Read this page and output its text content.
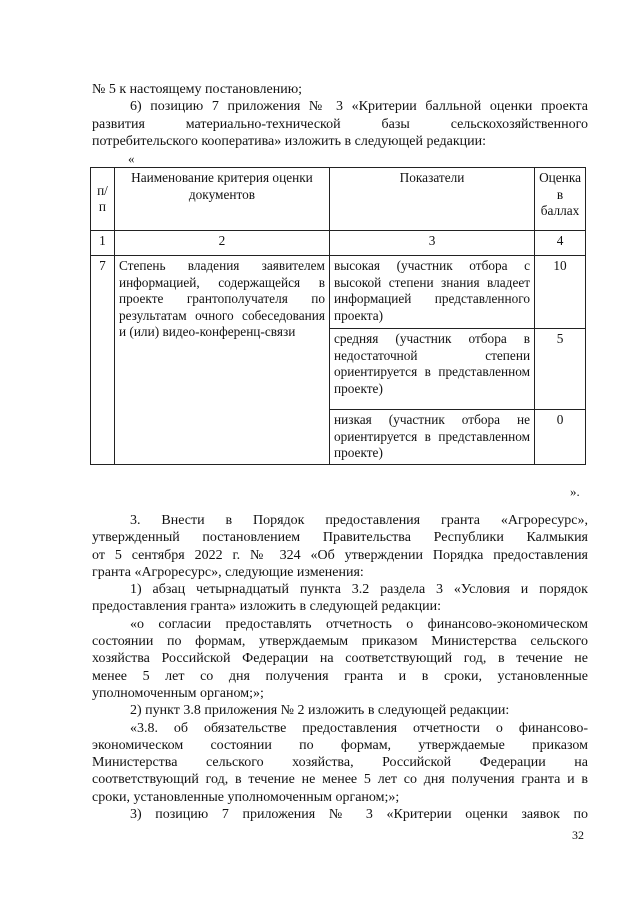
№ 5 к настоящему постановлению;
6) позицию 7 приложения № 3 «Критерии балльной оценки проекта
развития материально-технической базы сельскохозяйственного
потребительского кооператива» изложить в следующей редакции:
«
п/п	Наименование критерия оценки документов	Показатели	Оценка
в
баллах

1	2	3	4
7	Степень владения заявителем информацией, содержащейся в проекте грантополучателя по результатам очного собеседования и (или) видео-конференц-связи	высокая (участник отбора с высокой степени знания владеет информацией представленного проекта)	10
		средняя (участник отбора в недостаточной степени ориентируется в представленном проекте)	5
		низкая (участник отбора не ориентируется в представленном проекте)	0
».
3. Внести в Порядок предоставления гранта «Агроресурс»,
утвержденный постановлением Правительства Республики Калмыкия
от 5 сентября 2022 г. № 324 «Об утверждении Порядка предоставления
гранта «Агроресурс», следующие изменения:
1) абзац четырнадцатый пункта 3.2 раздела 3 «Условия и порядок
предоставления гранта» изложить в следующей редакции:
«о согласии предоставлять отчетность о финансово-экономическом
состоянии по формам, утверждаемым приказом Министерства сельского
хозяйства Российской Федерации на соответствующий год, в течение не
менее 5 лет со дня получения гранта и в сроки, установленные
уполномоченным органом;»;
2) пункт 3.8 приложения № 2 изложить в следующей редакции:
«3.8. об обязательстве предоставления отчетности о финансово-
экономическом состоянии по формам, утверждаемые приказом
Министерства сельского хозяйства, Российской Федерации на
соответствующий год, в течение не менее 5 лет со дня получения гранта и в
сроки, установленные уполномоченным органом;»;
3) позицию 7 приложения № 3 «Критерии оценки заявок по
32
